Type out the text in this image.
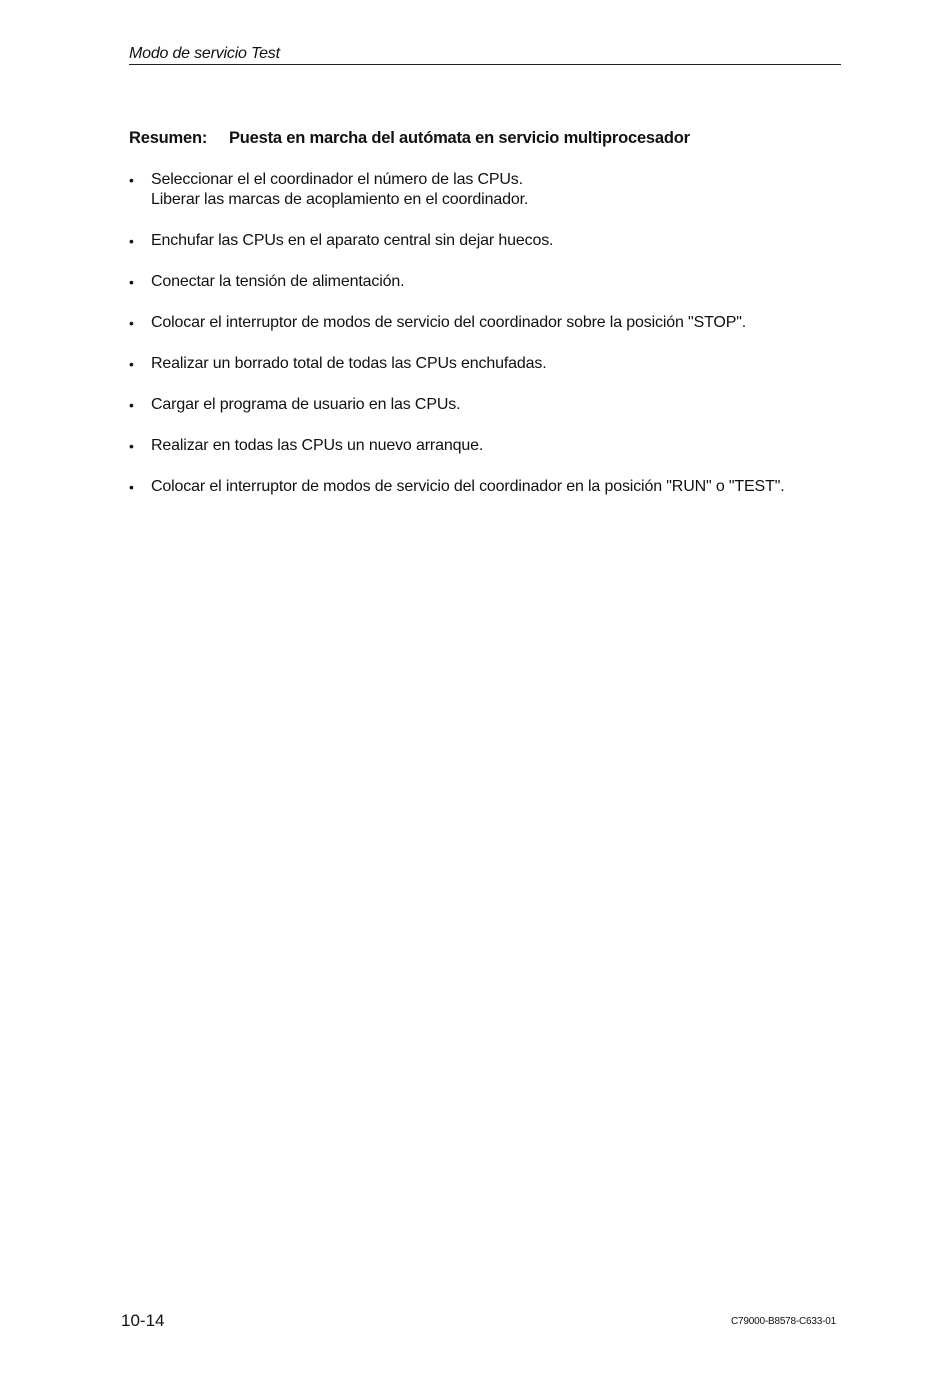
Modo de servicio Test
Resumen: Puesta en marcha del autómata en servicio multiprocesador
•	Seleccionar el el coordinador el número de las CPUs.
Liberar las marcas de acoplamiento en el coordinador.
•	Enchufar las CPUs en el aparato central sin dejar huecos.
•	Conectar la tensión de alimentación.
•	Colocar el interruptor de modos de servicio del coordinador sobre la posición "STOP".
•	Realizar un borrado total de todas las CPUs enchufadas.
•	Cargar el programa de usuario en las CPUs.
•	Realizar en todas las CPUs un nuevo arranque.
•	Colocar el interruptor de modos de servicio del coordinador en la posición "RUN" o "TEST".
10-14	C79000-B8578-C633-01
